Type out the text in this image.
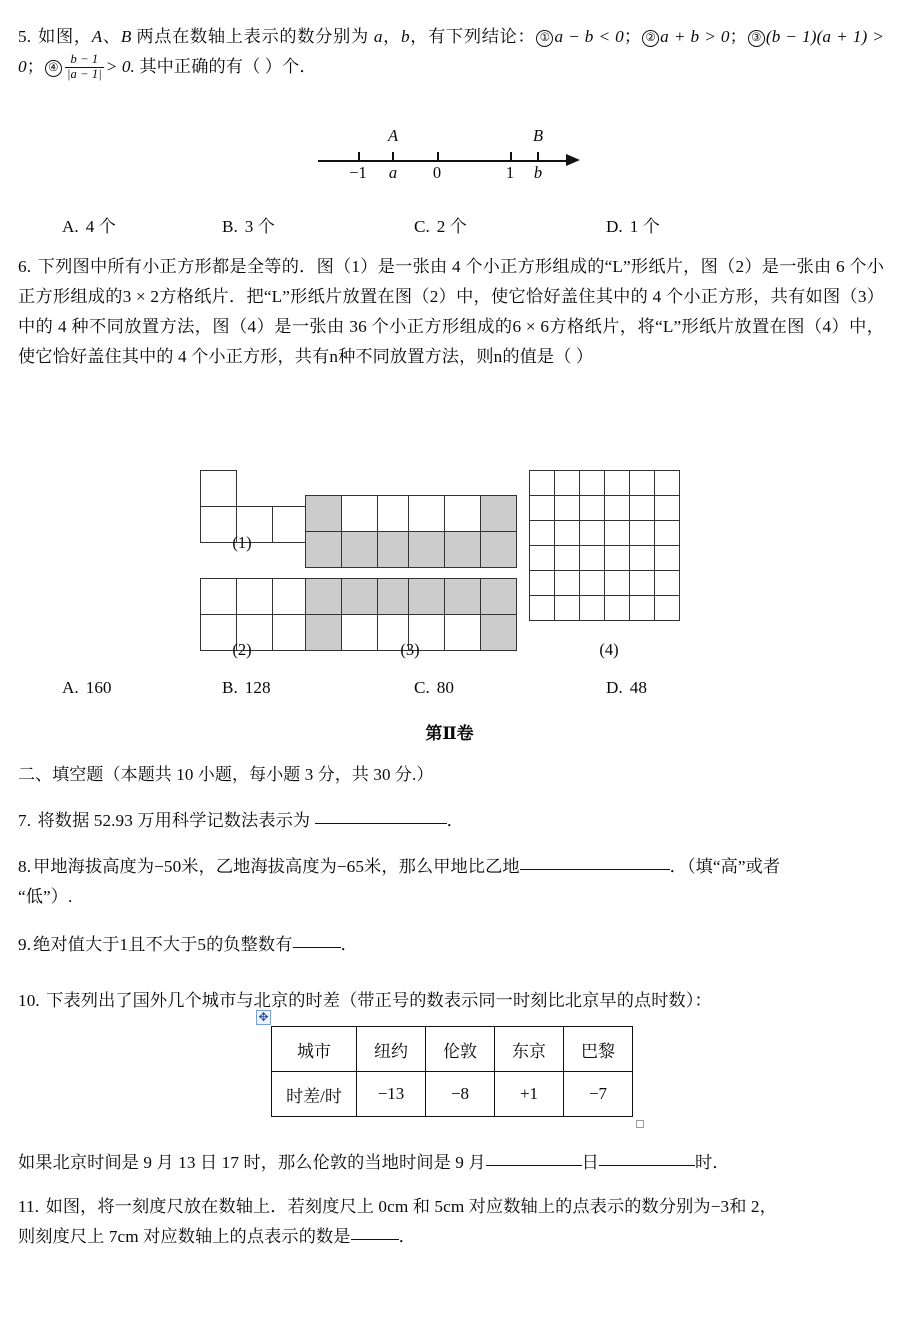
5. 如图，A、B 两点在数轴上表示的数分别为 a，b，有下列结论： ① a − b < 0； ② a + b > 0； ③ (b − 1)(a + 1) > 0； ④ $\frac{b - 1}{|a - 1|} > 0$. 其中正确的有（ ）个．
−1 a
A
0	1 b
B
A. 4 个	B. 3 个	C. 2 个	D. 1 个
6. 下列图中所有小正方形都是全等的．图（1）是一张由 4 个小正方形组成的“L”形纸片，图（2）是一张由 6 个小正方形组成的3 × 2方格纸片．把“L”形纸片放置在图（2）中，使它恰好盖住其中的 4 个小正方形，共有如图（3）中的 4 种不同放置方法，图（4）是一张由 36 个小正方形组成的6 × 6方格纸片，将“L”形纸片放置在图（4）中，使它恰好盖住其中的 4 个小正方形，共有n种不同放置方法，则n的值是（ ）
(1)
(2)	(3)	(4)
A. 160	B. 128	C. 80	D. 48
第Ⅱ卷
二、填空题（本题共 10 小题，每小题 3 分，共 30 分.）
7. 将数据 52.93 万用科学记数法表示为	．
8. 甲地海拔高度为−50米，乙地海拔高度为−65米，那么甲地比乙地	．（填“高”或者
“低”）.
9. 绝对值大于1且不大于5的负整数有	．
10. 下表列出了国外几个城市与北京的时差（带正号的数表示同一时刻比北京早的点时数）：
✥
城市	纽约	伦敦	东京	巴黎
时差/时	−13	−8	+1	−7
如果北京时间是 9 月 13 日 17 时，那么伦敦的当地时间是 9 月	日	时．
11. 如图，将一刻度尺放在数轴上．若刻度尺上 0cm 和 5cm 对应数轴上的点表示的数分别为−3和 2，
则刻度尺上 7cm 对应数轴上的点表示的数是	．
